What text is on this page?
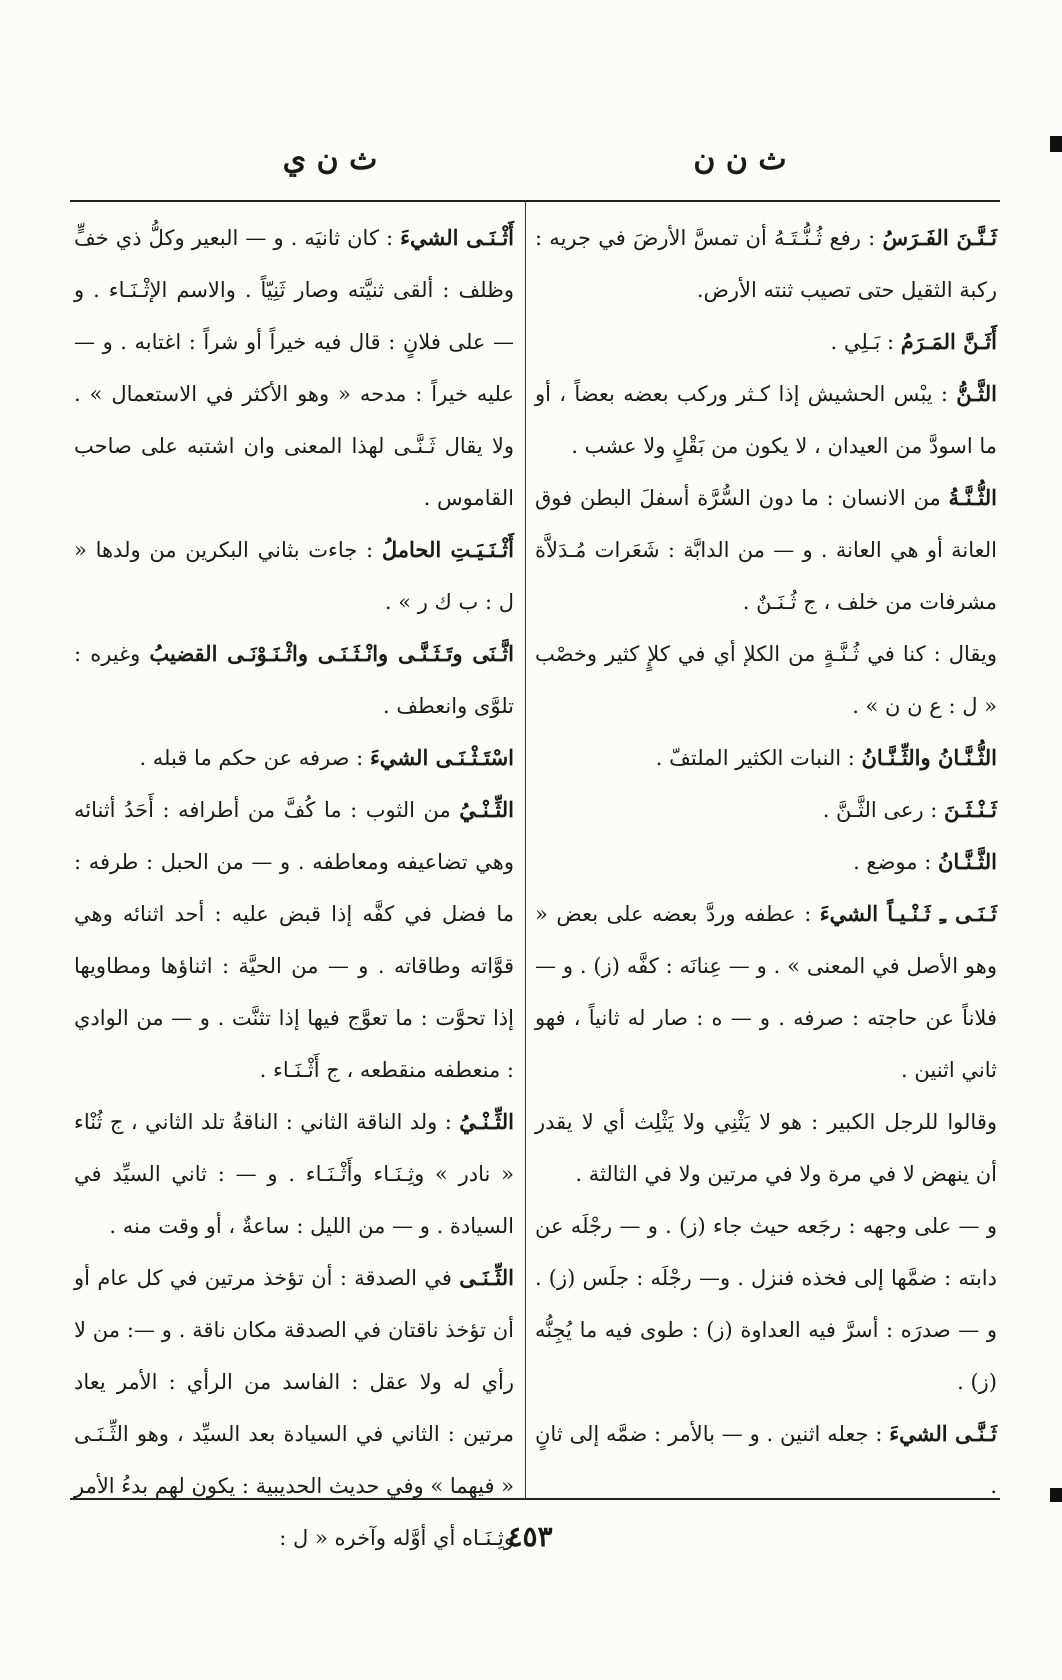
ث ن ن
ث ن ي

ثَـنَّـنَ الفَـرَسُ : رفع ثُـنُّـتَـهُ أن تمسَّ الأرضَ في جريه : ركبة الثقيل حتى تصيب ثنته الأرض.

أَثَـنَّ المَـرَمُ : بَـلِي .

الثَّـنُّ : يبْس الحشيش إذا كـثر وركب بعضه بعضاً ، أو ما اسودَّ من العيدان ، لا يكون من بَقْلٍ ولا عشب .

الثُّـنَّـةُ من الانسان : ما دون السُّرَّة أسفلَ البطن فوق العانة أو هي العانة . و — من الدابَّة : شَعَرات مُـدَلاَّة مشرفات من خلف ، ج ثُـنَـنٌ .

ويقال : كنا في ثُـنَّـةٍ من الكلإ أي في كلإٍ كثير وخصْب « ل : ع ن ن » .

الثُّـنَّـانُ والثِّـنَّـانُ : النبات الكثير الملتفّ .

ثَـنْـثَـنَ : رعى الثَّـنَّ .

الثَّـنَّـانُ : موضع .

ثَـنَـى ـِ ثَـنْـيـاً الشيءَ : عطفه وردَّ بعضه على بعض « وهو الأصل في المعنى » . و — عِنانَه : كفَّه (ز) . و — فلاناً عن حاجته : صرفه . و — ه : صار له ثانياً ، فهو ثاني اثنين .

وقالوا للرجل الكبير : هو لا يَثْنِي ولا يَثْلِث أي لا يقدر أن ينهض لا في مرة ولا في مرتين ولا في الثالثة .

و — على وجهه : رجَعه حيث جاء (ز) . و — رجْلَه عن دابته : ضمَّها إلى فخذه فنزل . و— رجْلَه : جلَس (ز) . و — صدرَه : أسرَّ فيه العداوة (ز) : طوى فيه ما يُجِنُّه (ز) .

ثَـنَّـى الشيءَ : جعله اثنين . و — بالأمر : ضمَّه إلى ثانٍ .

أَثْـنَـى الشيءَ : كان ثانيَه . و — البعير وكلُّ ذي خفٍّ وظلف : ألقى ثنيَّته وصار ثَنِيّاً . والاسم الإثْـنَـاء . و — على فلانٍ : قال فيه خيراً أو شراً : اغتابه . و — عليه خيراً : مدحه « وهو الأكثر في الاستعمال » . ولا يقال ثَـنَّـى لهذا المعنى وان اشتبه على صاحب القاموس .

أَثْـنَـيَـتِ الحاملُ : جاءت بثاني البكرين من ولدها « ل : ب ك ر » .

اثَّـنَى وتَـثَـنَّـى وانْـثَـنَـى واثْـنَـوْنَـى القضيبُ وغيره : تلوَّى وانعطف .

اسْتَـثْـنَـى الشيءَ : صرفه عن حكم ما قبله .

الثِّـنْـيُ من الثوب : ما كُفَّ من أطرافه : أَحَدُ أثنائه وهي تضاعيفه ومعاطفه . و — من الحبل : طرفه : ما فضل في كفَّه إذا قبض عليه : أحد اثنائه وهي قوَّاته وطاقاته . و — من الحيَّة : اثناؤها ومطاويها إذا تحوَّت : ما تعوَّج فيها إذا تثنَّت . و — من الوادي : منعطفه منقطعه ، ج أَثْـنَـاء .

الثِّـنْـيُ : ولد الناقة الثاني : الناقةُ تلد الثاني ، ج ثُنْاء « نادر » وثِـنَـاء وأَثْـنَـاء . و — : ثاني السيِّد في السيادة . و — من الليل : ساعةٌ ، أو وقت منه .

الثِّـنَـى في الصدقة : أن تؤخذ مرتين في كل عام أو أن تؤخذ ناقتان في الصدقة مكان ناقة . و —: من لا رأي له ولا عقل : الفاسد من الرأي : الأمر يعاد مرتين : الثاني في السيادة بعد السيِّد ، وهو الثِّـنَـى « فيهما » وفي حديث الحديبية : يكون لهم بدءُ الأمر وثِـنَـاه أي أوَّله وآخره « ل :

٤٥٣
